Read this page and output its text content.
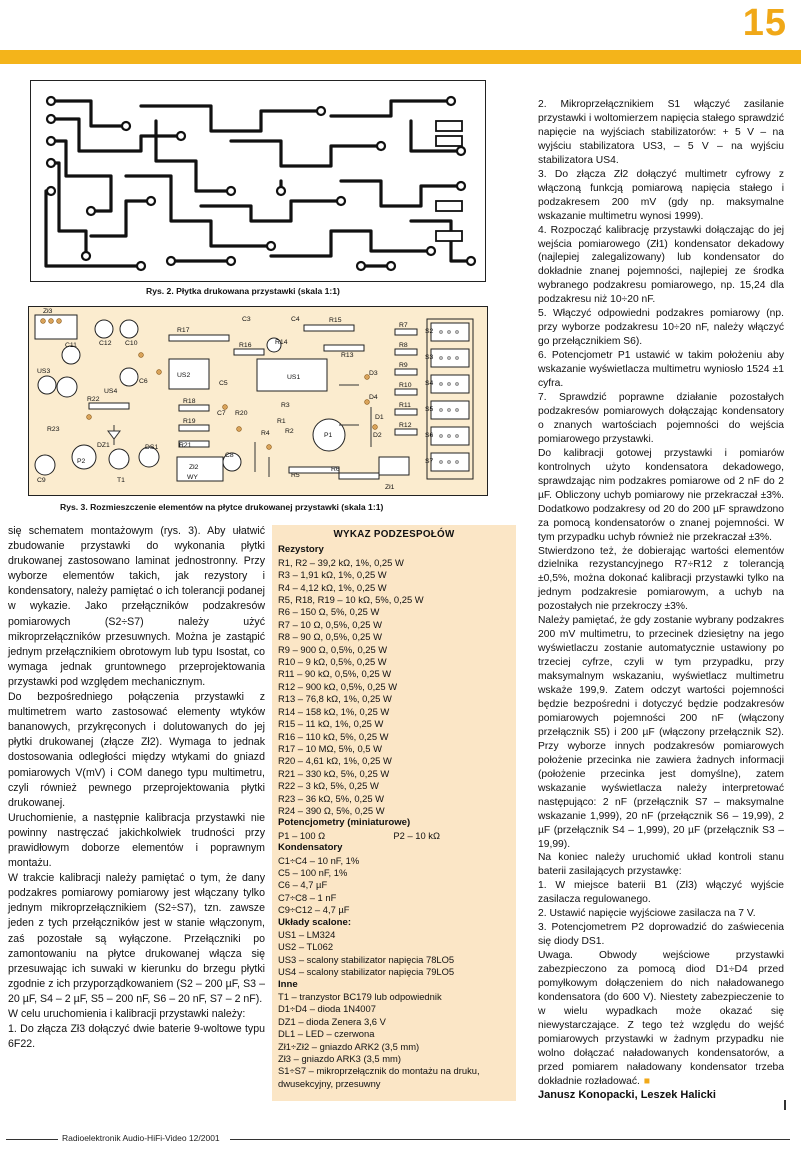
15
Rys. 2. Płytka drukowana przystawki (skala 1:1)
Zł3
C11	C12 C10
R17
C3	R15
C4
R7
R8
R9
R10
R11
R12
R13
R14
R16
US3
US4
US2
C5
US1
D3
D4
D1
D2
R22	R18
R19
R23
DZ1
R20
C7
C6
P1
R3
R1
R2
R4
R5
R6
P2
T1
C9
DS1	R21
Zł2
WY
C8
Zł1
S2
S3
S4
S5
S6
S7
Rys. 3. Rozmieszczenie elementów na płytce drukowanej przystawki (skala 1:1)

się schematem montażowym (rys. 3). Aby ułatwić zbudowanie przystawki do wykonania płytki drukowanej zastosowano laminat jednostronny. Przy wyborze elementów takich, jak rezystory i kondensatory, należy pamiętać o ich tolerancji podanej w wykazie. Jako przełączników podzakresów pomiarowych (S2÷S7) należy użyć mikroprzełączników przesuwnych. Można je zastąpić jednym przełącznikiem obrotowym lub typu Isostat, co wymaga jednak gruntownego przeprojektowania przystawki pod względem mechanicznym.

Do bezpośredniego połączenia przystawki z multimetrem warto zastosować elementy wtyków bananowych, przykręconych i dolutowanych do jej płytki drukowanej (złącze Zł2). Wymaga to jednak dostosowania odległości między wtykami do gniazd pomiarowych V(mV) i COM danego typu multimetru, czyli również pewnego przeprojektowania płytki drukowanej.

Uruchomienie, a następnie kalibracja przystawki nie powinny nastręczać jakichkolwiek trudności przy prawidłowym doborze elementów i poprawnym montażu.

W trakcie kalibracji należy pamiętać o tym, że dany podzakres pomiarowy pomiarowy jest włączany tylko jednym mikroprzełącznikiem (S2÷S7), tzn. zawsze jeden z tych przełączników jest w stanie włączonym, zaś pozostałe są wyłączone. Przełączniki po zamontowaniu na płytce drukowanej włącza się przesuwając ich suwaki w kierunku do brzegu płytki zgodnie z ich przyporządkowaniem (S2 – 200 µF, S3 – 20 µF, S4 – 2 µF, S5 – 200 nF, S6 – 20 nF, S7 – 2 nF).

W celu uruchomienia i kalibracji przystawki należy:

1. Do złącza Zł3 dołączyć dwie baterie 9-woltowe typu 6F22.

WYKAZ PODZESPOŁÓW
Rezystory
R1, R2 – 39,2 kΩ, 1%, 0,25 W
R3 – 1,91 kΩ, 1%, 0,25 W
R4 – 4,12 kΩ, 1%, 0,25 W
R5, R18, R19 – 10 kΩ, 5%, 0,25 W
R6 – 150 Ω, 5%, 0,25 W
R7 – 10 Ω, 0,5%, 0,25 W
R8 – 90 Ω, 0,5%, 0,25 W
R9 – 900 Ω, 0,5%, 0,25 W
R10 – 9 kΩ, 0,5%, 0,25 W
R11 – 90 kΩ, 0,5%, 0,25 W
R12 – 900 kΩ, 0,5%, 0,25 W
R13 – 76,8 kΩ, 1%, 0,25 W
R14 – 158 kΩ, 1%, 0,25 W
R15 – 11 kΩ, 1%, 0,25 W
R16 – 110 kΩ, 5%, 0,25 W
R17 – 10 MΩ, 5%, 0,5 W
R20 – 4,61 kΩ, 1%, 0,25 W
R21 – 330 kΩ, 5%, 0,25 W
R22 – 3 kΩ, 5%, 0,25 W
R23 – 36 kΩ, 5%, 0,25 W
R24 – 390 Ω, 5%, 0,25 W
Potencjometry (miniaturowe)
P1 – 100 Ω	P2 – 10 kΩ
Kondensatory
C1÷C4 – 10 nF, 1%
C5 – 100 nF, 1%
C6 – 4,7 µF
C7÷C8 – 1 nF
C9÷C12 – 4,7 µF
Układy scalone:
US1 – LM324
US2 – TL062
US3 – scalony stabilizator napięcia 78LO5
US4 – scalony stabilizator napięcia 79LO5
Inne
T1 – tranzystor BC179 lub odpowiednik
D1÷D4 – dioda 1N4007
DZ1 – dioda Zenera 3,6 V
DL1 – LED – czerwona
Zł1÷Zł2 – gniazdo ARK2 (3,5 mm)
Zł3 – gniazdo ARK3 (3,5 mm)
S1÷S7 – mikroprzełącznik do montażu na druku, dwusekcyjny, przesuwny

2. Mikroprzełącznikiem S1 włączyć zasilanie przystawki i woltomierzem napięcia stałego sprawdzić napięcie na wyjściach stabilizatorów: + 5 V – na wyjściu stabilizatora US3, – 5 V – na wyjściu stabilizatora US4.

3. Do złącza Zł2 dołączyć multimetr cyfrowy z włączoną funkcją pomiarową napięcia stałego i podzakresem 200 mV (gdy np. maksymalne wskazanie multimetru wynosi 1999).

4. Rozpocząć kalibrację przystawki dołączając do jej wejścia pomiarowego (Zł1) kondensator dekadowy (najlepiej zalegalizowany) lub kondensator do dokładnie znanej pojemności, najlepiej ze środka wybranego podzakresu pomiarowego, np. 15,24 dla podzakresu niż 10÷20 nF.

5. Włączyć odpowiedni podzakres pomiarowy (np. przy wyborze podzakresu 10÷20 nF, należy włączyć go przełącznikiem S6).

6. Potencjometr P1 ustawić w takim położeniu aby wskazanie wyświetlacza multimetru wyniosło 1524 ±1 cyfra.

7. Sprawdzić poprawne działanie pozostałych podzakresów pomiarowych dołączając kondensatory o znanych wartościach pojemności do wejścia pomiarowego przystawki.

Do kalibracji gotowej przystawki i pomiarów kontrolnych użyto kondensatora dekadowego, sprawdzając nim podzakres pomiarowe od 2 nF do 2 µF. Obliczony uchyb pomiarowy nie przekraczał ±3%. Dodatkowo podzakresy od 20 do 200 µF sprawdzono za pomocą kondensatorów o znanej pojemności. W tym przypadku uchyb również nie przekraczał ±3%.

Stwierdzono też, że dobierając wartości elementów dzielnika rezystancyjnego R7÷R12 z tolerancją ±0,5%, można dokonać kalibracji przystawki tylko na jednym podzakresie pomiarowym, a uchyb na pozostałych nie przekroczy ±3%.

Należy pamiętać, że gdy zostanie wybrany podzakres 200 mV multimetru, to przecinek dziesiętny na jego wyświetlaczu zostanie automatycznie ustawiony po trzeciej cyfrze, czyli w tym przypadku, przy maksymalnym wskazaniu, wyświetlacz multimetru wskaże 199,9. Zatem odczyt wartości pojemności będzie bezpośredni i dotyczyć będzie podzakresów pomiarowych pojemności 200 nF (włączony przełącznik S5) i 200 µF (włączony przełącznik S2). Przy wyborze innych podzakresów pomiarowych położenie przecinka nie zawiera żadnych informacji (położenie przecinka jest domyślne), zatem wskazanie wyświetlacza należy interpretować następująco: 2 nF (przełącznik S7 – maksymalne wskazanie 1,999), 20 nF (przełącznik S6 – 19,99), 2 µF (przełącznik S4 – 1,999), 20 µF (przełącznik S3 – 19,99).

Na koniec należy uruchomić układ kontroli stanu baterii zasilających przystawkę:

1. W miejsce baterii B1 (Zł3) włączyć wyjście zasilacza regulowanego.

2. Ustawić napięcie wyjściowe zasilacza na 7 V.

3. Potencjometrem P2 doprowadzić do zaświecenia się diody DS1.

Uwaga. Obwody wejściowe przystawki zabezpieczono za pomocą diod D1÷D4 przed pomyłkowym dołączeniem do nich naładowanego kondensatora (do 600 V). Niestety zabezpieczenie to w wielu wypadkach może okazać się niewystarczające. Z tego też względu do wejść pomiarowych przystawki w żadnym przypadku nie wolno dołączać naładowanych kondensatorów, a przed pomiarem naładowany kondensator trzeba dokładnie rozładować. ■

Janusz Konopacki, Leszek Halicki

Radioelektronik Audio-HiFi-Video 12/2001
